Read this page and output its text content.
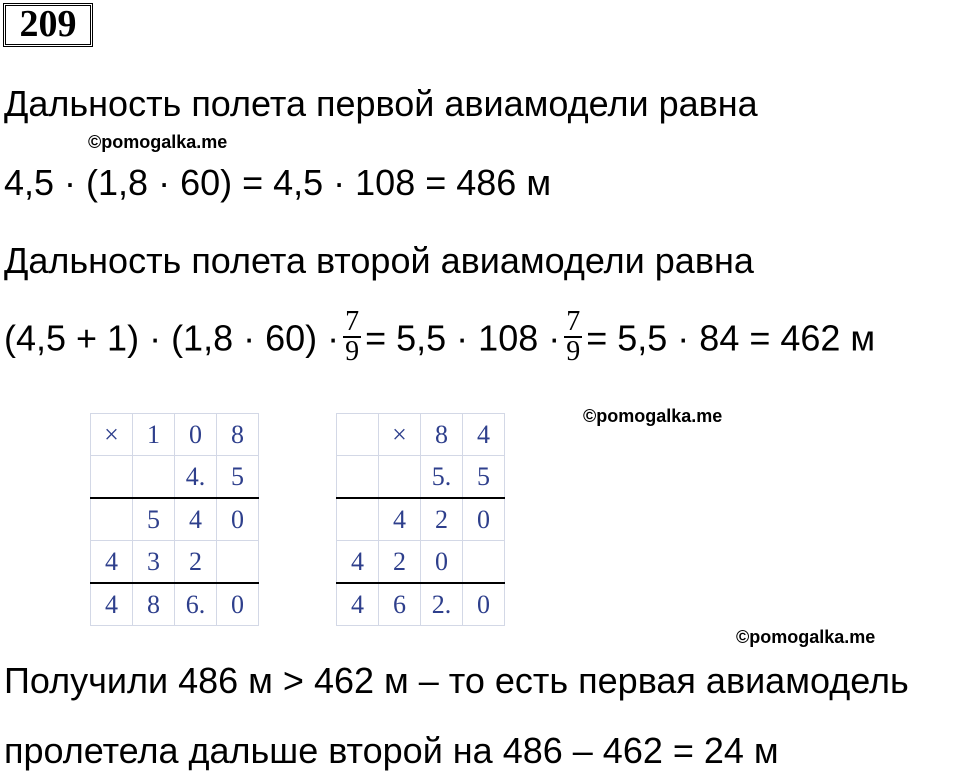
209
Дальность полета первой авиамодели равна
©pomogalka.me
4,5 · (1,8 · 60) = 4,5 · 108 = 486 м
Дальность полета второй авиамодели равна
$(4,5 + 1) \cdot (1,8 \cdot 60) \cdot \frac{7}{9} = 5,5 \cdot 108 \cdot \frac{7}{9} = 5,5 \cdot 84 = 462$ м
©pomogalka.me
×	1	0	8
		4.	5
	5	4	0
4	3	2	
4	8	6.	0
	×	8	4
		5.	5
	4	2	0
4	2	0	
4	6	2.	0
©pomogalka.me
Получили 486 м > 462 м – то есть первая авиамодель
пролетела дальше второй на 486 – 462 = 24 м
